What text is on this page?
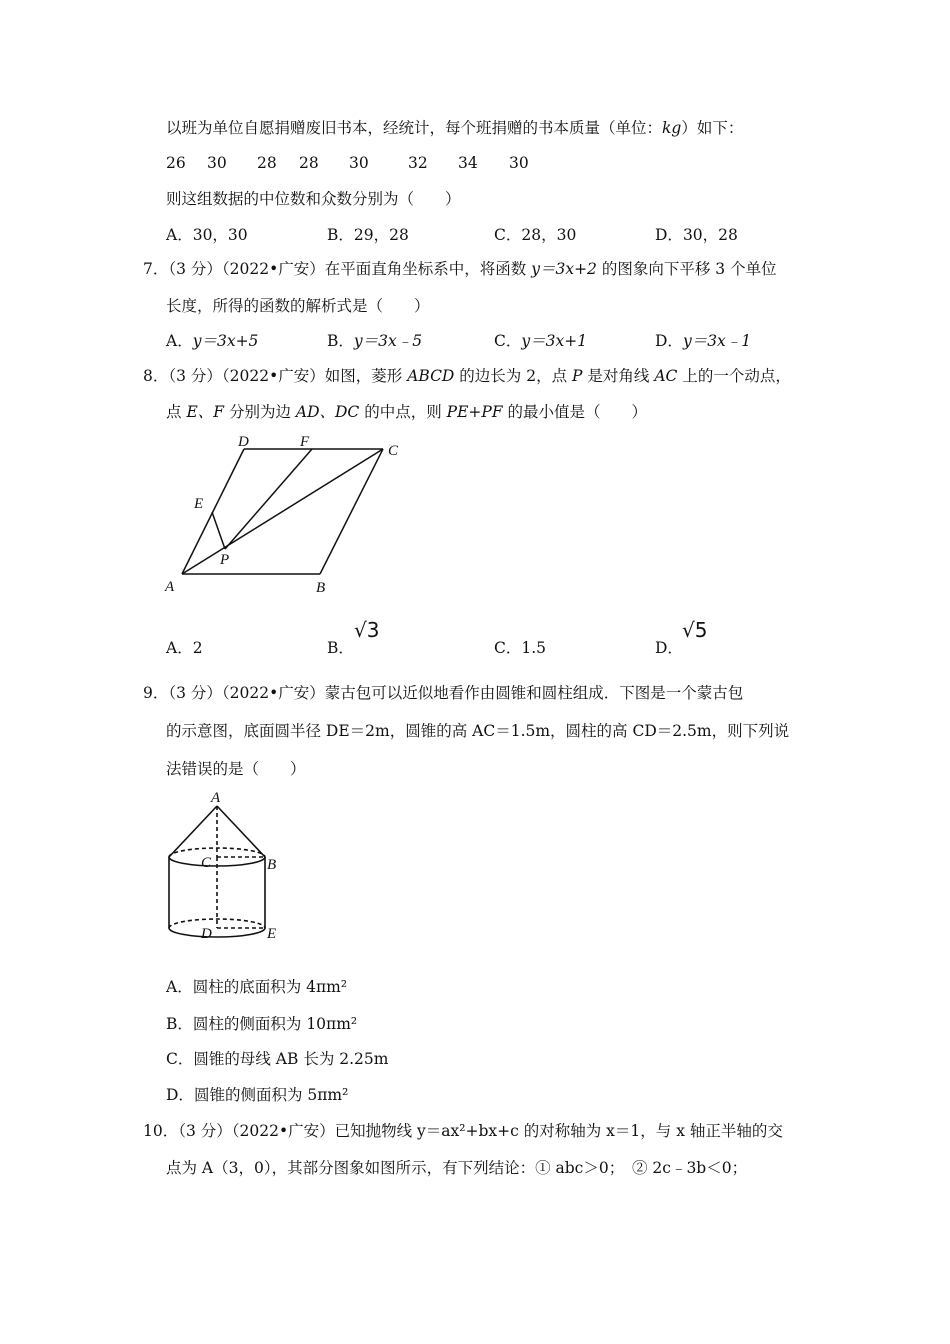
以班为单位自愿捐赠废旧书本，经统计，每个班捐赠的书本质量（单位：kg）如下：
26 30 28 28 30	32 34 30
则这组数据的中位数和众数分别为（　　）
A．30，30	B．29，28	C．28，30	D．30，28
7．（3 分）（2022•广安）在平面直角坐标系中，将函数 y＝3x+2 的图象向下平移 3 个单位
长度，所得的函数的解析式是（　　）
A．y＝3x+5	B．y＝3x﹣5	C．y＝3x+1	D．y＝3x﹣1
8．（3 分）（2022•广安）如图，菱形 ABCD 的边长为 2，点 P 是对角线 AC 上的一个动点，
点 E、F 分别为边 AD、DC 的中点，则 PE+PF 的最小值是（　　）
A	B
C
D
E
F
P
A．2	B．
√3
C．1.5	D．
√5
9．（3 分）（2022•广安）蒙古包可以近似地看作由圆锥和圆柱组成．下图是一个蒙古包
的示意图，底面圆半径 DE＝2m，圆锥的高 AC＝1.5m，圆柱的高 CD＝2.5m，则下列说
法错误的是（　　）
A
B
C
D	E
A．圆柱的底面积为 4πm²
B．圆柱的侧面积为 10πm²
C．圆锥的母线 AB 长为 2.25m
D．圆锥的侧面积为 5πm²
10．（3 分）（2022•广安）已知抛物线 y＝ax²+bx+c 的对称轴为 x＝1，与 x 轴正半轴的交
点为 A（3，0），其部分图象如图所示，有下列结论：① abc＞0；　② 2c﹣3b＜0；
